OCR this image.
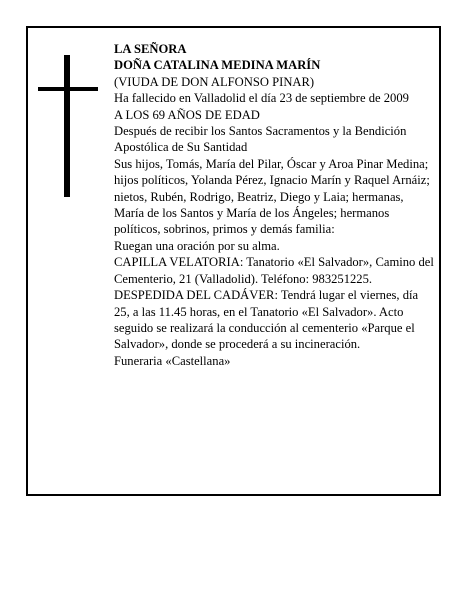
LA SEÑORA

DOÑA CATALINA MEDINA MARÍN

(VIUDA DE DON ALFONSO PINAR)

Ha fallecido en Valladolid el día 23 de septiembre de 2009

A LOS 69 AÑOS DE EDAD

Después de recibir los Santos Sacramentos y la Bendición Apostólica de Su Santidad

Sus hijos, Tomás, María del Pilar, Óscar y Aroa Pinar Medina; hijos políticos, Yolanda Pérez, Ignacio Marín y Raquel Arnáiz; nietos, Rubén, Rodrigo, Beatriz, Diego y Laia; hermanas, María de los Santos y María de los Ángeles; hermanos políticos, sobrinos, primos y demás familia:

Ruegan una oración por su alma.

CAPILLA VELATORIA: Tanatorio «El Salvador», Camino del Cementerio, 21 (Valladolid). Teléfono: 983251225.

DESPEDIDA DEL CADÁVER: Tendrá lugar el viernes, día 25, a las 11.45 horas, en el Tanatorio «El Salvador». Acto seguido se realizará la conducción al cementerio «Parque el Salvador», donde se procederá a su incineración.

Funeraria «Castellana»
